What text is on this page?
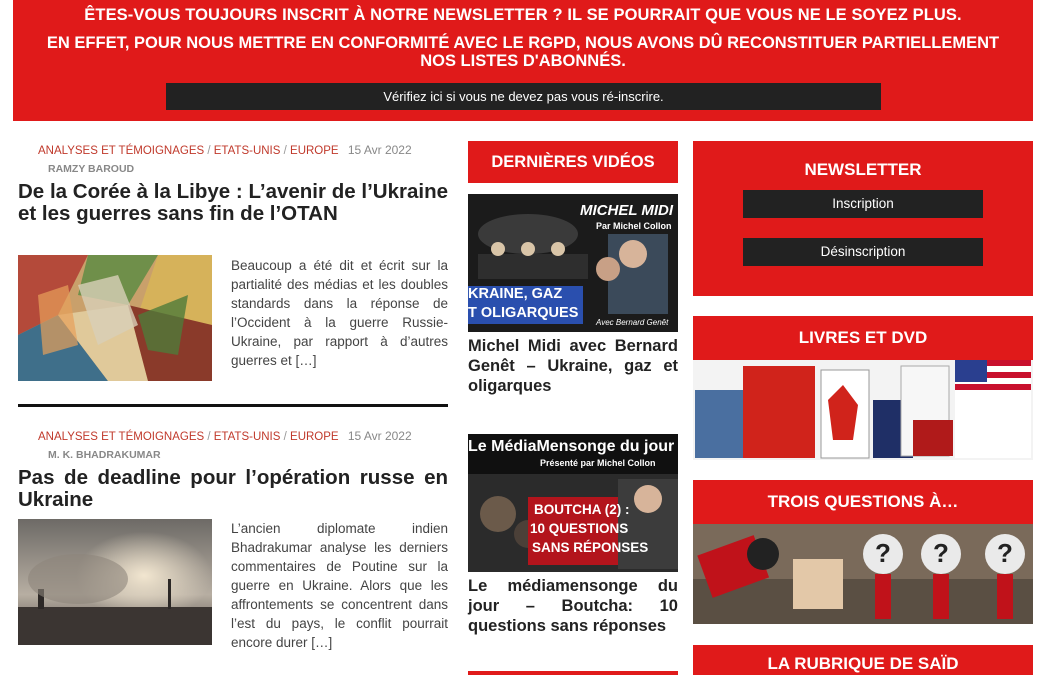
ÊTES-VOUS TOUJOURS INSCRIT À NOTRE NEWSLETTER ? IL SE POURRAIT QUE VOUS NE LE SOYEZ PLUS.
EN EFFET, POUR NOUS METTRE EN CONFORMITÉ AVEC LE RGPD, NOUS AVONS DÛ RECONSTITUER PARTIELLEMENT NOS LISTES D'ABONNÉS.
Vérifiez ici si vous ne devez pas vous ré-inscrire.
ANALYSES ET TÉMOIGNAGES / ETATS-UNIS / EUROPE 15 Avr 2022
RAMZY BAROUD
De la Corée à la Libye : L’avenir de l’Ukraine et les guerres sans fin de l’OTAN
Beaucoup a été dit et écrit sur la partialité des médias et les doubles standards dans la réponse de l’Occident à la guerre Russie-Ukraine, par rapport à d’autres guerres et […]
ANALYSES ET TÉMOIGNAGES / ETATS-UNIS / EUROPE 15 Avr 2022
M. K. BHADRAKUMAR
Pas de deadline pour l’opération russe en Ukraine
L’ancien diplomate indien Bhadrakumar analyse les derniers commentaires de Poutine sur la guerre en Ukraine. Alors que les affrontements se concentrent dans l’est du pays, le conflit pourrait encore durer […]
DERNIÈRES VIDÉOS
MICHEL MIDI
Par Michel Collon
KRAINE, GAZ
T OLIGARQUES
Avec Bernard Genêt
Michel Midi avec Bernard Genêt – Ukraine, gaz et oligarques
Le MédiaMensonge du jour
Présenté par Michel Collon
BOUTCHA (2) :
10 QUESTIONS
SANS RÉPONSES
Le médiamensonge du jour – Boutcha: 10 questions sans réponses
NEWSLETTER
Inscription
Désinscription
LIVRES ET DVD
TROIS QUESTIONS À…
? ? ?
LA RUBRIQUE DE SAÏD
